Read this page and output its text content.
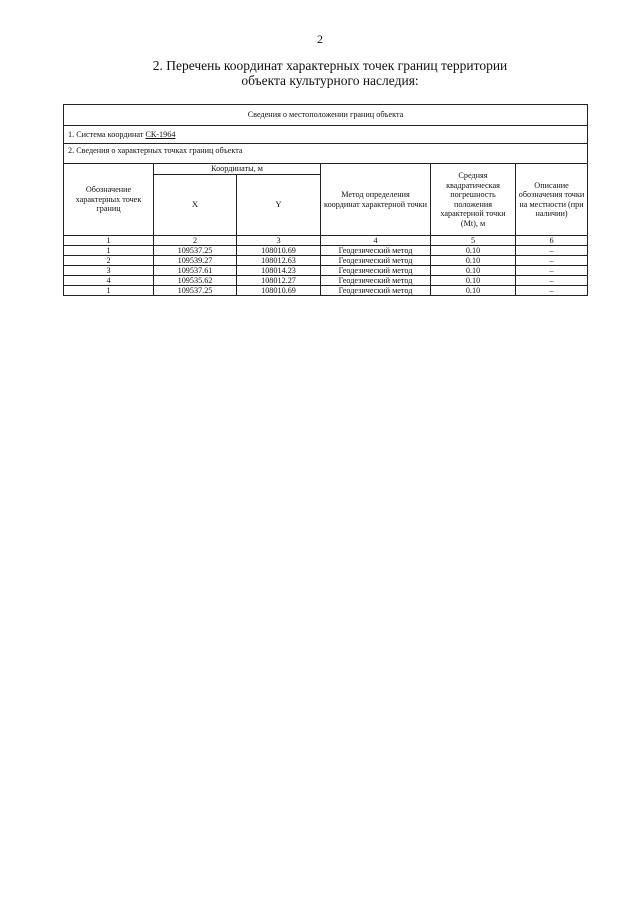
2
2. Перечень координат характерных точек границ территории
объекта культурного наследия:
Сведения о местоположении границ объекта					
1. Система координат СК-1964					
2. Сведения о характерных точках границ объекта					
Обозначение характерных точек границ	Координаты, м		Метод определения координат характерной точки	Средняя квадратическая погрешность положения характерной точки (Mt), м	Описание обозначения точки на местности (при наличии)
	X	Y			
1	2	3	4	5	6
1	109537.25	108010.69	Геодезический метод	0.10	–
2	109539.27	108012.63	Геодезический метод	0.10	–
3	109537.61	108014.23	Геодезический метод	0.10	–
4	109535.62	108012.27	Геодезический метод	0.10	–
1	109537.25	108010.69	Геодезический метод	0.10	–
